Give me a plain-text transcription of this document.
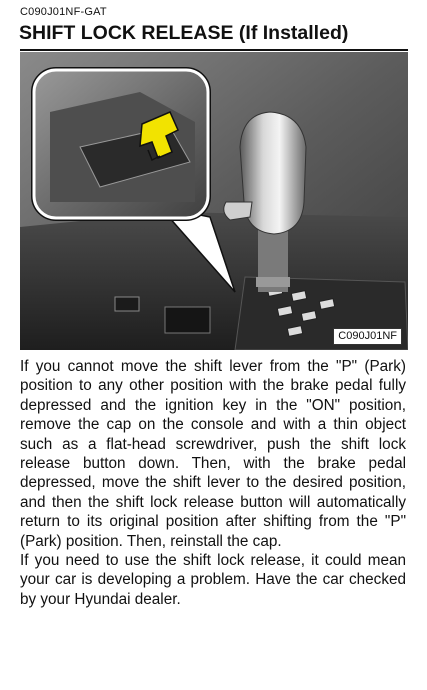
C090J01NF-GAT
SHIFT LOCK RELEASE (If Installed)
C090J01NF

If you cannot move the shift lever from the "P" (Park) position to any other position with the brake pedal fully depressed and the ignition key in the "ON" position, remove the cap on the console and with a thin object such as a flat-head screwdriver, push the shift lock release button down. Then, with the brake pedal depressed, move the shift lever to the desired position, and then the shift lock release button will automatically return to its original position after shifting from the "P" (Park) position. Then, reinstall the cap.

If you need to use the shift lock release, it could mean your car is developing a problem. Have the car checked by your Hyundai dealer.
